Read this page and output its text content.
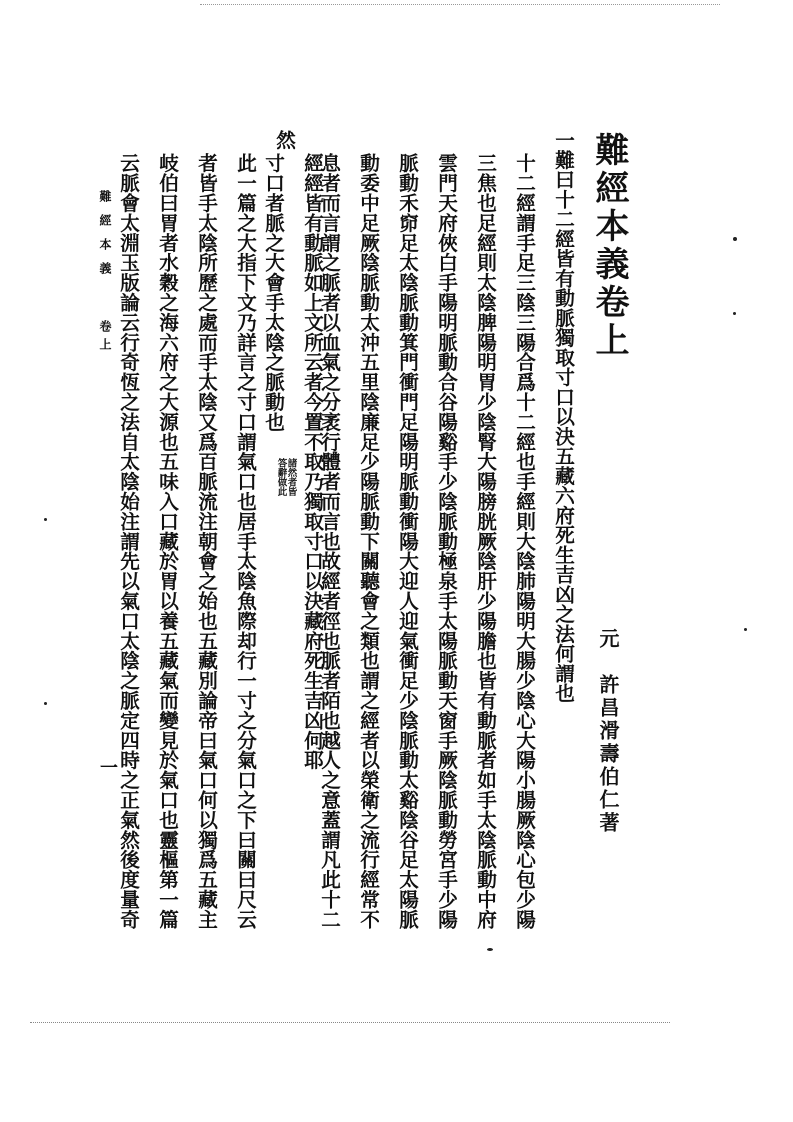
難經本義卷上
元　許昌滑壽伯仁著
一難曰十二經皆有動脈獨取寸口以決五藏六府死生吉凶之法何謂也
十二經謂手足三陰三陽合爲十二經也手經則大陰肺陽明大腸少陰心大陽小腸厥陰心包少陽
三焦也足經則太陰脾陽明胃少陰腎大陽膀胱厥陰肝少陽膽也皆有動脈者如手太陰脈動中府
雲門天府俠白手陽明脈動合谷陽谿手少陰脈動極泉手太陽脈動天窗手厥陰脈動勞宮手少陽
脈動禾窌足太陰脈動箕門衝門足陽明脈動衝陽大迎人迎氣衝足少陰脈動太谿陰谷足太陽脈
動委中足厥陰脈動太沖五里陰廉足少陽脈動下關聽會之類也謂之經者以榮衛之流行經常不
息者而言謂之脈者以血氣之分袤行體者而言也故經者徑也脈者陌也越人之意蓋謂凡此十二
經經皆有動脈如上文所云者今置不取乃獨取寸口以決藏府死生吉凶何耶
然
寸口者脈之大會手太陰之脈動也
諸然者皆
答辭做此
此一篇之大指下文乃詳言之寸口謂氣口也居手太陰魚際却行一寸之分氣口之下曰關曰尺云
者皆手太陰所歷之處而手太陰又爲百脈流注朝會之始也五藏別論帝曰氣口何以獨爲五藏主
岐伯曰胃者水穀之海六府之大源也五味入口藏於胃以養五藏氣而變見於氣口也靈樞第一篇
云脈會太淵玉版論云行奇恆之法自太陰始注謂先以氣口太陰之脈定四時之正氣然後度量奇
難經本義
卷上
一
